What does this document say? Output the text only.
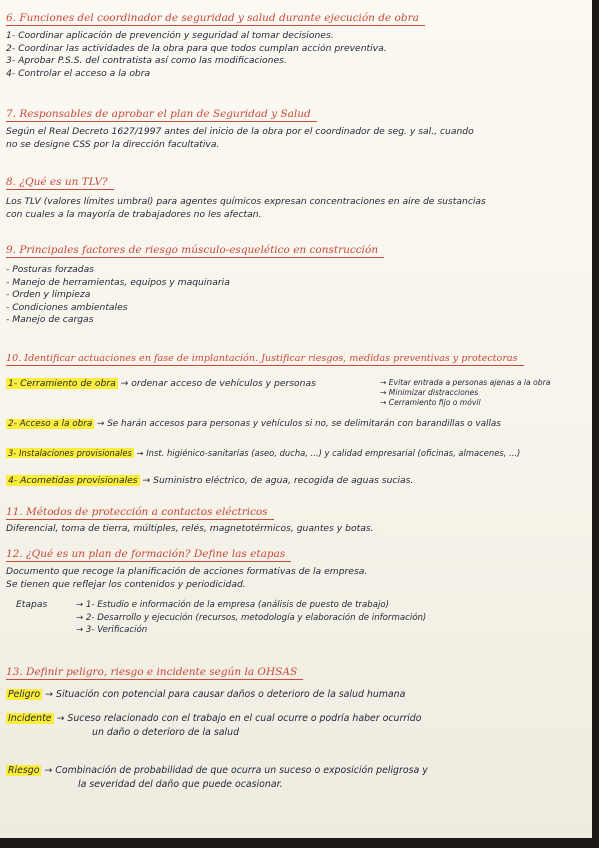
6. Funciones del coordinador de seguridad y salud durante ejecución de obra
1- Coordinar aplicación de prevención y seguridad al tomar decisiones.
2- Coordinar las actividades de la obra para que todos cumplan acción preventiva.
3- Aprobar P.S.S. del contratista así como las modificaciones.
4- Controlar el acceso a la obra
7. Responsables de aprobar el plan de Seguridad y Salud
Según el Real Decreto 1627/1997 antes del inicio de la obra por el coordinador de seg. y sal., cuando
no se designe CSS por la dirección facultativa.
8. ¿Qué es un TLV?
Los TLV (valores límites umbral) para agentes químicos expresan concentraciones en aire de sustancias
con cuales a la mayoría de trabajadores no les afectan.
9. Principales factores de riesgo músculo-esquelético en construcción
- Posturas forzadas
- Manejo de herramientas, equipos y maquinaria
- Orden y limpieza
- Condiciones ambientales
- Manejo de cargas
10. Identificar actuaciones en fase de implantación. Justificar riesgos, medidas preventivas y protectoras
1- Cerramiento de obra → ordenar acceso de vehículos y personas	→ Evitar entrada a personas ajenas a la obra
→ Minimizar distracciones
→ Cerramiento fijo o móvil
2- Acceso a la obra → Se harán accesos para personas y vehículos si no, se delimitarán con barandillas o vallas
3- Instalaciones provisionales → Inst. higiénico-sanitarias (aseo, ducha, ...) y calidad empresarial (oficinas, almacenes, ...)
4- Acometidas provisionales → Suministro eléctrico, de agua, recogida de aguas sucias.
11. Métodos de protección a contactos eléctricos
Diferencial, toma de tierra, múltiples, relés, magnetotérmicos, guantes y botas.
12. ¿Qué es un plan de formación? Define las etapas
Documento que recoge la planificación de acciones formativas de la empresa.
Se tienen que reflejar los contenidos y periodicidad.
Etapas	→ 1- Estudio e información de la empresa (análisis de puesto de trabajo)
→ 2- Desarrollo y ejecución (recursos, metodología y elaboración de información)
→ 3- Verificación
13. Definir peligro, riesgo e incidente según la OHSAS
Peligro → Situación con potencial para causar daños o deterioro de la salud humana
Incidente → Suceso relacionado con el trabajo en el cual ocurre o podría haber ocurrido
un daño o deterioro de la salud
Riesgo → Combinación de probabilidad de que ocurra un suceso o exposición peligrosa y
la severidad del daño que puede ocasionar.
